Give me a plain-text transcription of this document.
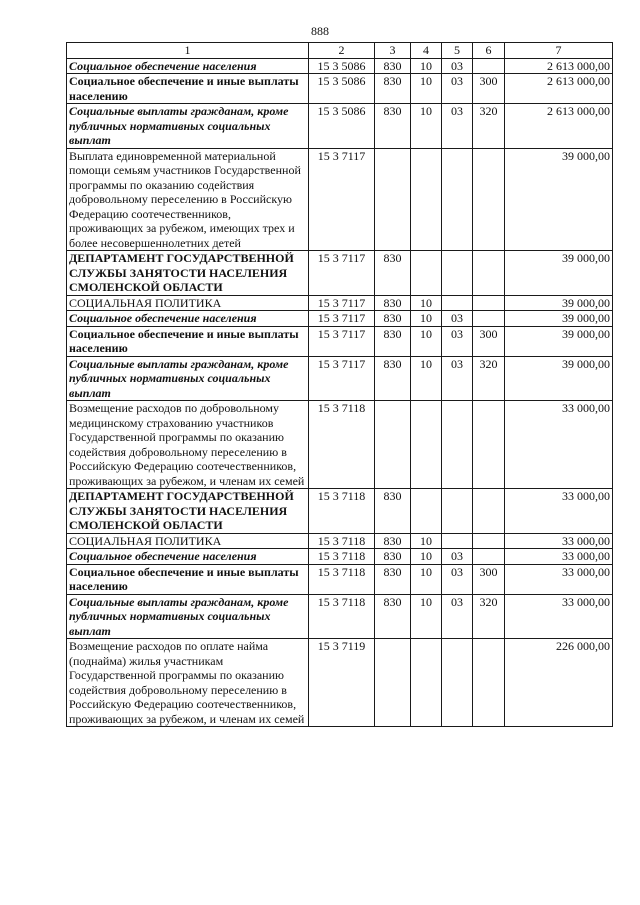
888
1	2	3	4	5	6	7
Социальное обеспечение населения	15 3 5086	830	10	03		2 613 000,00
Социальное обеспечение и иные выплаты населению	15 3 5086	830	10	03	300	2 613 000,00
Социальные выплаты гражданам, кроме публичных нормативных социальных выплат	15 3 5086	830	10	03	320	2 613 000,00
Выплата единовременной материальной помощи семьям участников Государственной программы по оказанию содействия добровольному переселению в Российскую Федерацию соотечественников, проживающих за рубежом, имеющих трех и более несовершеннолетних детей	15 3 7117					39 000,00
ДЕПАРТАМЕНТ ГОСУДАРСТВЕННОЙ СЛУЖБЫ ЗАНЯТОСТИ НАСЕЛЕНИЯ СМОЛЕНСКОЙ ОБЛАСТИ	15 3 7117	830				39 000,00
СОЦИАЛЬНАЯ ПОЛИТИКА	15 3 7117	830	10			39 000,00
Социальное обеспечение населения	15 3 7117	830	10	03		39 000,00
Социальное обеспечение и иные выплаты населению	15 3 7117	830	10	03	300	39 000,00
Социальные выплаты гражданам, кроме публичных нормативных социальных выплат	15 3 7117	830	10	03	320	39 000,00
Возмещение расходов по добровольному медицинскому страхованию участников Государственной программы по оказанию содействия добровольному переселению в Российскую Федерацию соотечественников, проживающих за рубежом, и членам их семей	15 3 7118					33 000,00
ДЕПАРТАМЕНТ ГОСУДАРСТВЕННОЙ СЛУЖБЫ ЗАНЯТОСТИ НАСЕЛЕНИЯ СМОЛЕНСКОЙ ОБЛАСТИ	15 3 7118	830				33 000,00
СОЦИАЛЬНАЯ ПОЛИТИКА	15 3 7118	830	10			33 000,00
Социальное обеспечение населения	15 3 7118	830	10	03		33 000,00
Социальное обеспечение и иные выплаты населению	15 3 7118	830	10	03	300	33 000,00
Социальные выплаты гражданам, кроме публичных нормативных социальных выплат	15 3 7118	830	10	03	320	33 000,00
Возмещение расходов по оплате найма (поднайма) жилья участникам Государственной программы по оказанию содействия добровольному переселению в Российскую Федерацию соотечественников, проживающих за рубежом, и членам их семей	15 3 7119					226 000,00
